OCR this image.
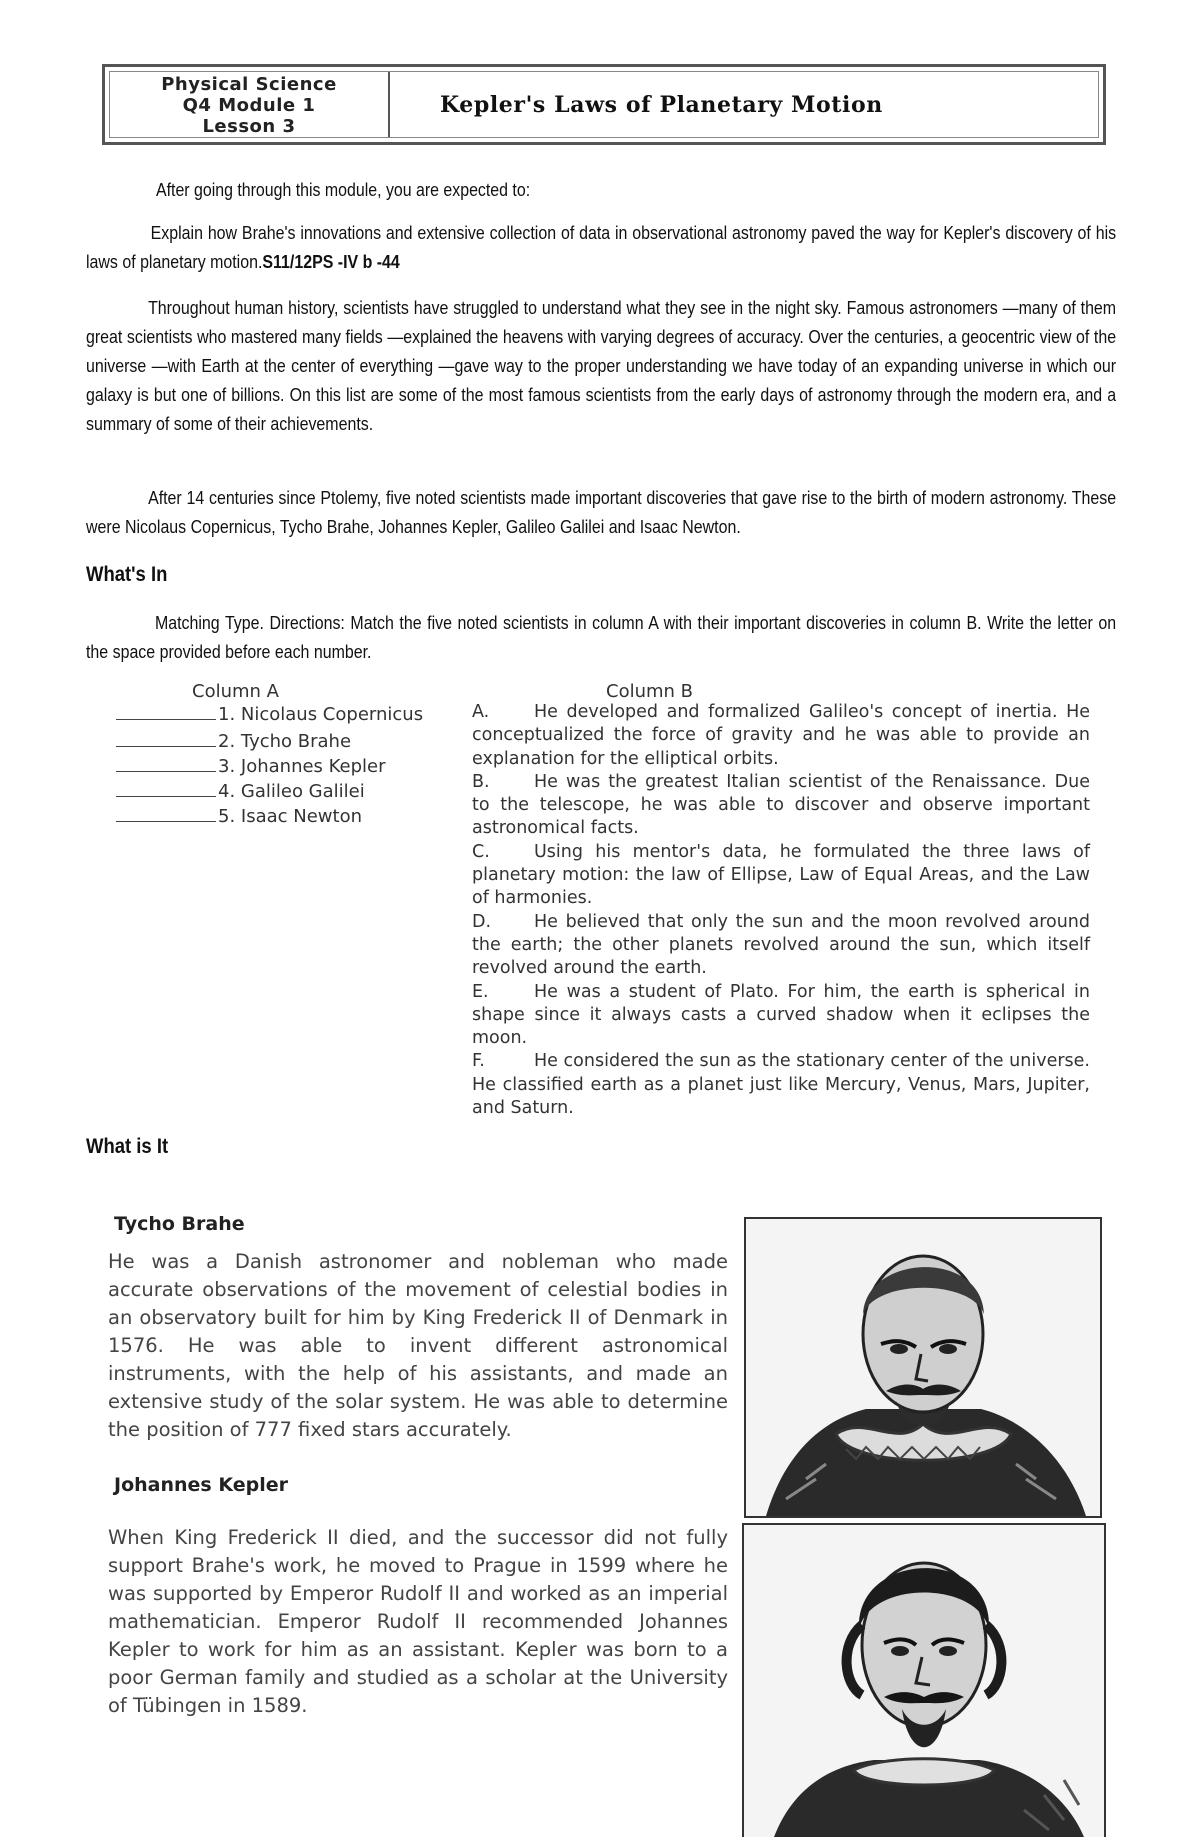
Physical Science
Q4 Module 1
Lesson 3
Kepler's Laws of Planetary Motion
After going through this module, you are expected to:

Explain how Brahe's innovations and extensive collection of data in observational astronomy paved the way for Kepler's discovery of his laws of planetary motion.S11/12PS -IV b -44

Throughout human history, scientists have struggled to understand what they see in the night sky. Famous astronomers —many of them great scientists who mastered many fields —explained the heavens with varying degrees of accuracy. Over the centuries, a geocentric view of the universe —with Earth at the center of everything —gave way to the proper understanding we have today of an expanding universe in which our galaxy is but one of billions. On this list are some of the most famous scientists from the early days of astronomy through the modern era, and a summary of some of their achievements.

After 14 centuries since Ptolemy, five noted scientists made important discoveries that gave rise to the birth of modern astronomy. These were Nicolaus Copernicus, Tycho Brahe, Johannes Kepler, Galileo Galilei and Isaac Newton.

What's In

Matching Type. Directions: Match the five noted scientists in column A with their important discoveries in column B. Write the letter on the space provided before each number.

Column A	Column B
1. Nicolaus Copernicus
2. Tycho Brahe
3. Johannes Kepler
4. Galileo Galilei
5. Isaac Newton
A.	He developed and formalized Galileo's concept of inertia. He conceptualized the force of gravity and he was able to provide an explanation for the elliptical orbits.
B.	He was the greatest Italian scientist of the Renaissance. Due to the telescope, he was able to discover and observe important astronomical facts.
C.	Using his mentor's data, he formulated the three laws of planetary motion: the law of Ellipse, Law of Equal Areas, and the Law of harmonies.
D. He believed that only the sun and the moon revolved around the earth; the other planets revolved around the sun, which itself revolved around the earth.
E.	He was a student of Plato. For him, the earth is spherical in shape since it always casts a curved shadow when it eclipses the moon.
F.	He considered the sun as the stationary center of the universe. He classified earth as a planet just like Mercury, Venus, Mars, Jupiter, and Saturn.
What is It
Tycho Brahe
He was a Danish astronomer and nobleman who made accurate observations of the movement of celestial bodies in an observatory built for him by King Frederick II of Denmark in 1576. He was able to invent different astronomical instruments, with the help of his assistants, and made an extensive study of the solar system. He was able to determine the position of 777 fixed stars accurately.
Johannes Kepler
When King Frederick II died, and the successor did not fully support Brahe's work, he moved to Prague in 1599 where he was supported by Emperor Rudolf II and worked as an imperial mathematician. Emperor Rudolf II recommended Johannes Kepler to work for him as an assistant. Kepler was born to a poor German family and studied as a scholar at the University of Tübingen in 1589.
